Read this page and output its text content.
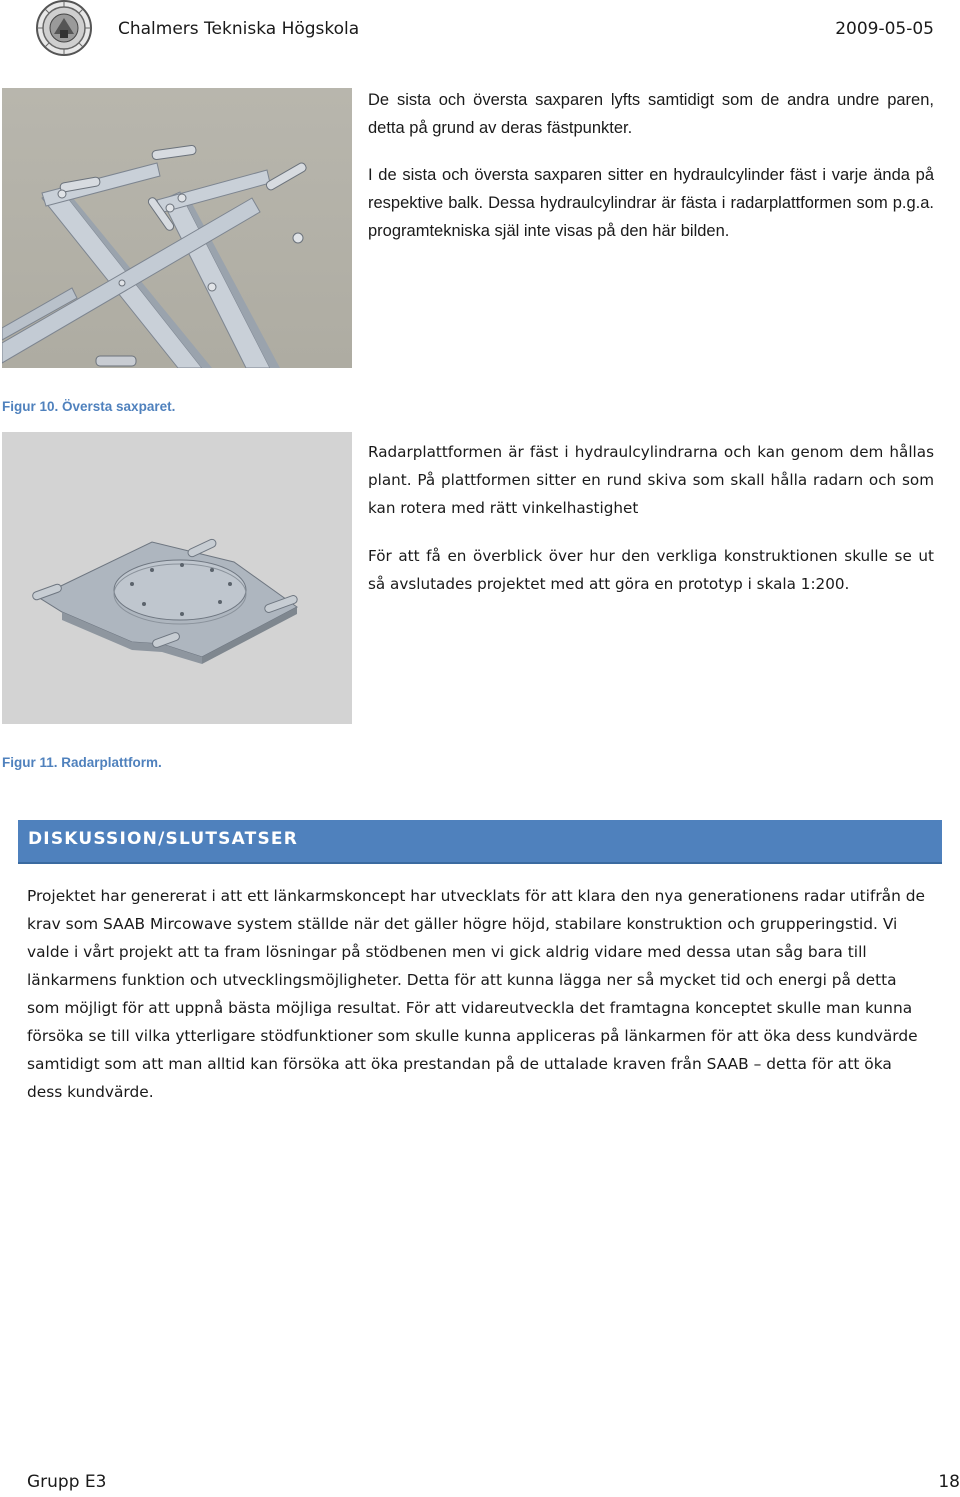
Chalmers Tekniska Högskola	2009-05-05
Figur 10. Översta saxparet.
Figur 11. Radarplattform.
De sista och översta saxparen lyfts samtidigt som de andra undre paren, detta på grund av deras fästpunkter.
I de sista och översta saxparen sitter en hydraulcylinder fäst i varje ända på respektive balk. Dessa hydraulcylindrar är fästa i radarplattformen som p.g.a. programtekniska själ inte visas på den här bilden.
Radarplattformen är fäst i hydraulcylindrarna och kan genom dem hållas plant. På plattformen sitter en rund skiva som skall hålla radarn och som kan rotera med rätt vinkelhastighet
För att få en överblick över hur den verkliga konstruktionen skulle se ut så avslutades projektet med att göra en prototyp i skala 1:200.
DISKUSSION/SLUTSATSER
Projektet har genererat i att ett länkarmskoncept har utvecklats för att klara den nya generationens radar utifrån de krav som SAAB Mircowave system ställde när det gäller högre höjd, stabilare konstruktion och grupperingstid. Vi valde i vårt projekt att ta fram lösningar på stödbenen men vi gick aldrig vidare med dessa utan såg bara till länkarmens funktion och utvecklingsmöjligheter. Detta för att kunna lägga ner så mycket tid och energi på detta som möjligt för att uppnå bästa möjliga resultat. För att vidareutveckla det framtagna konceptet skulle man kunna försöka se till vilka ytterligare stödfunktioner som skulle kunna appliceras på länkarmen för att öka dess kundvärde samtidigt som att man alltid kan försöka att öka prestandan på de uttalade kraven från SAAB – detta för att öka dess kundvärde.
Grupp E3	18
